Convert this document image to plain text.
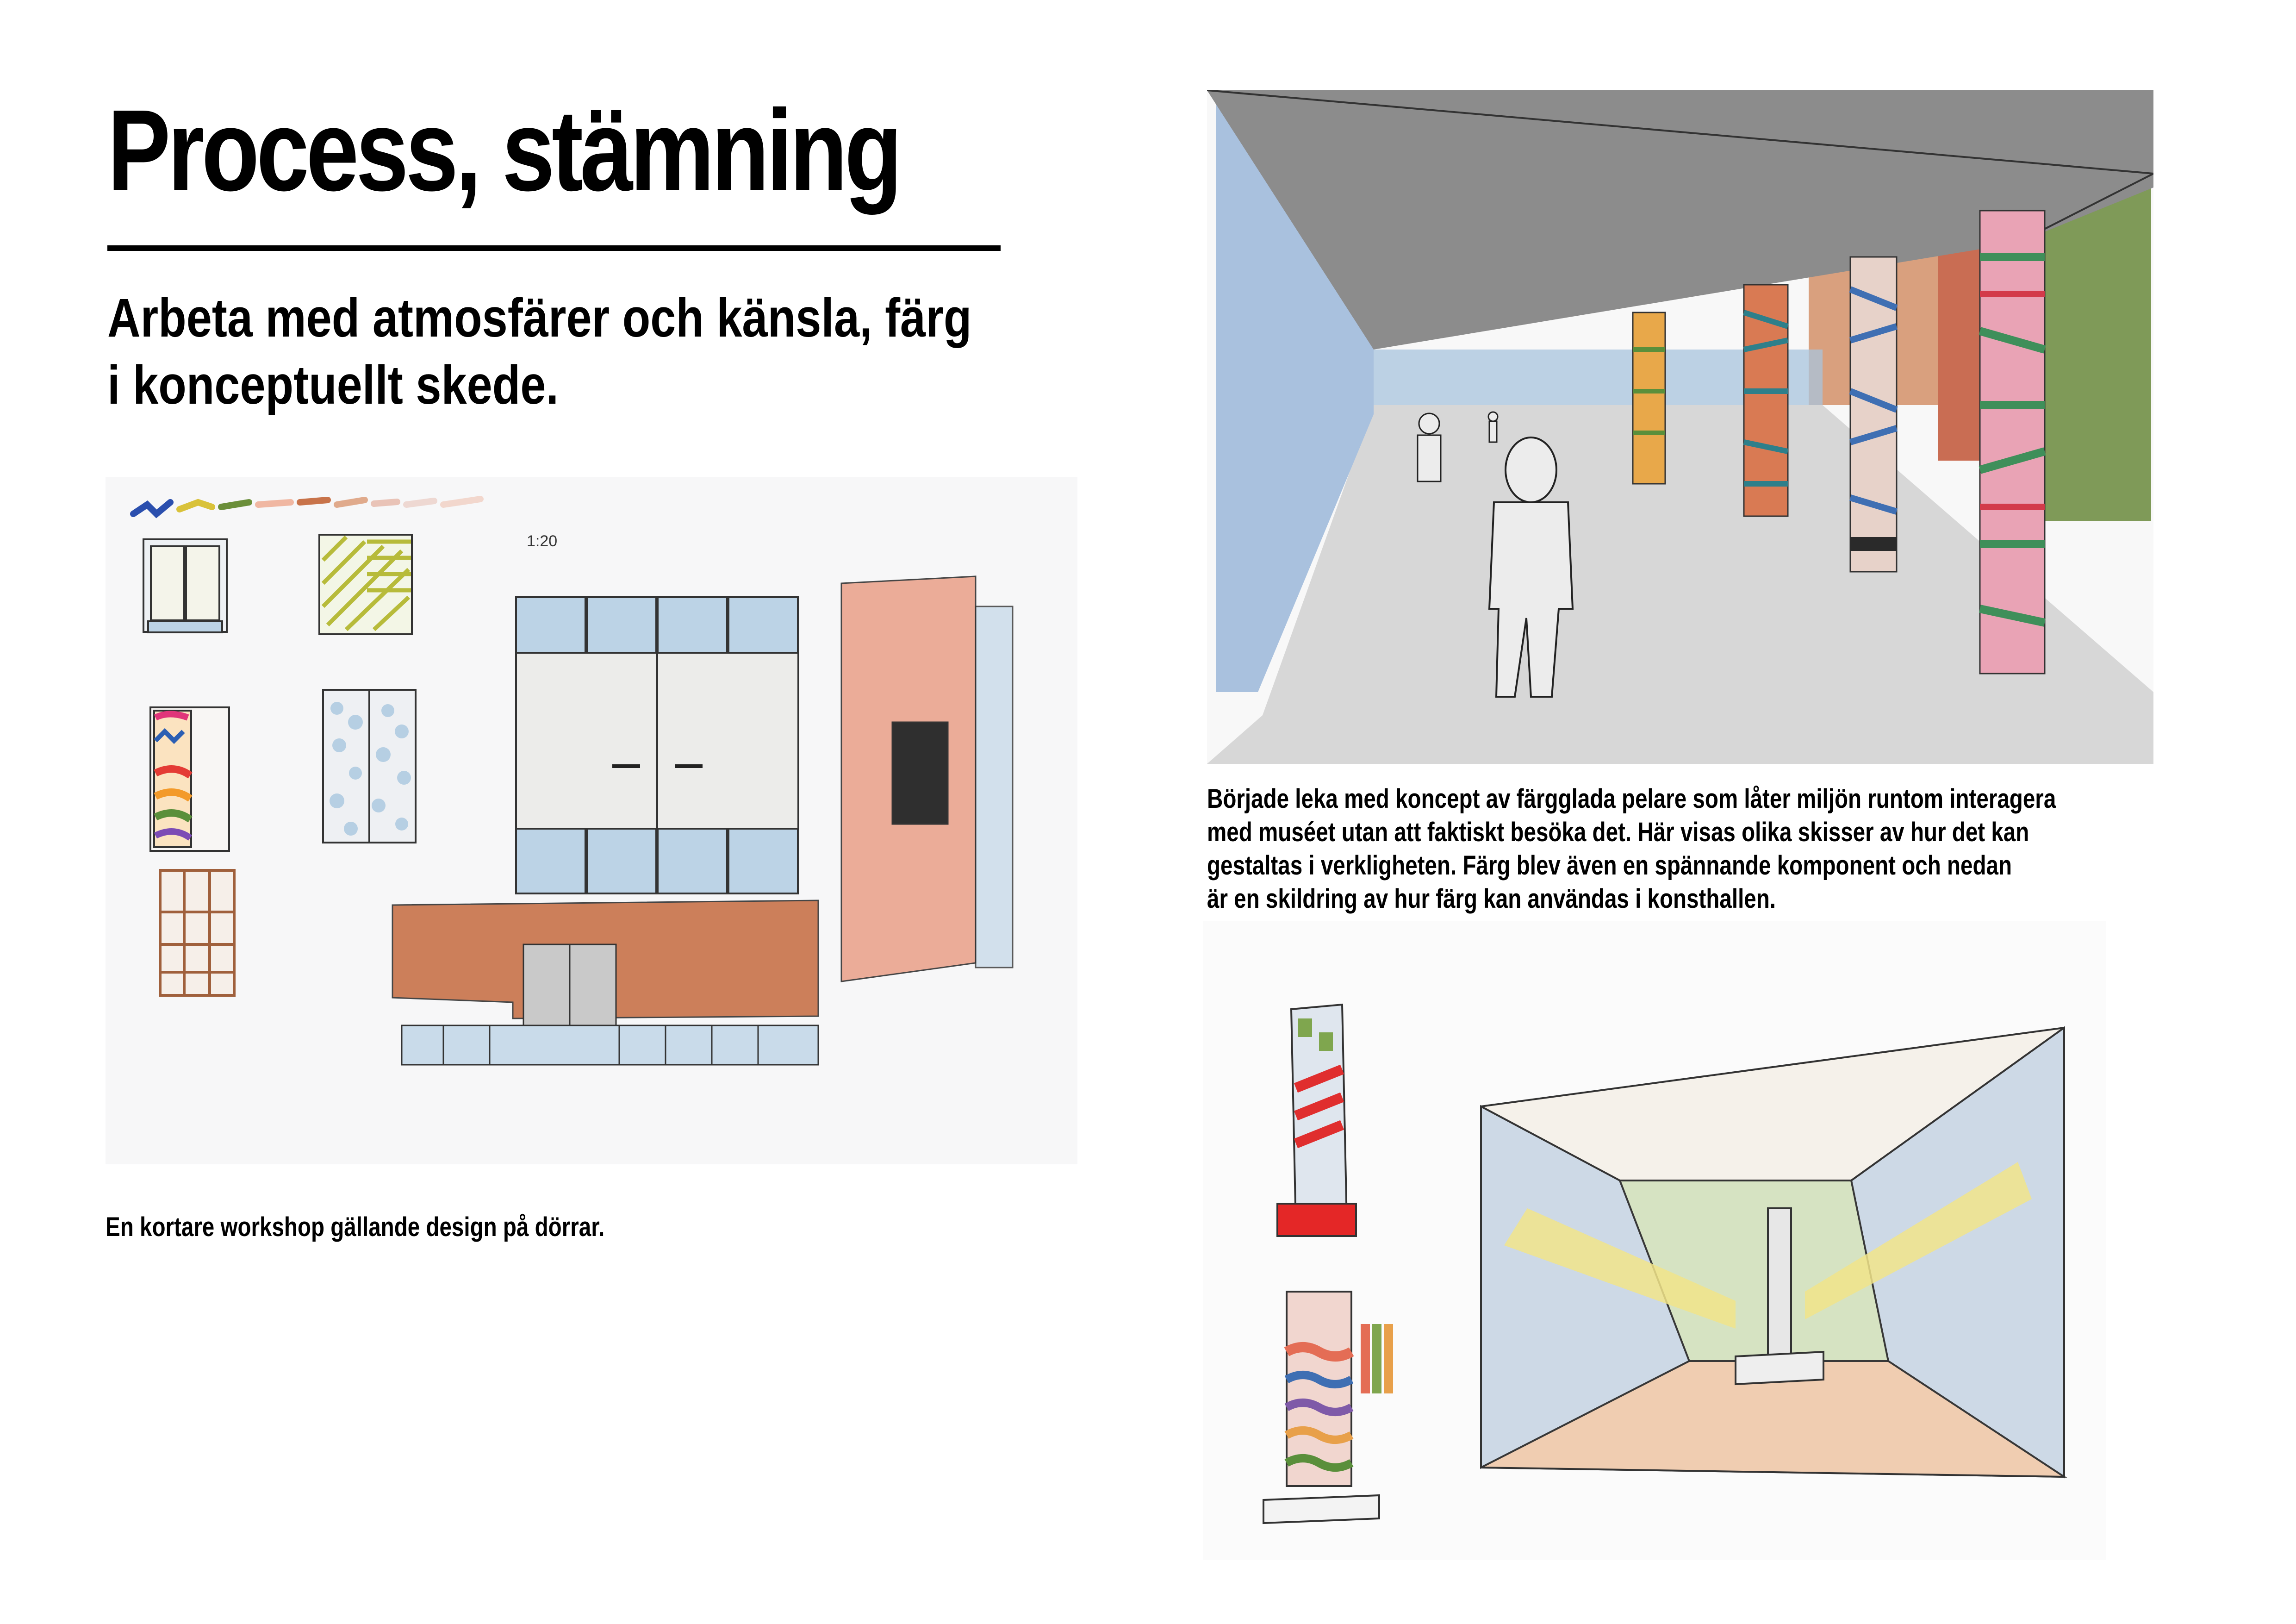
Process, stämning
Arbeta med atmosfärer och känsla, färg
i konceptuellt skede.
1:20
En kortare workshop gällande design på dörrar.
Började leka med koncept av färgglada pelare som låter miljön runtom interagera
med muséet utan att faktiskt besöka det. Här visas olika skisser av hur det kan
gestaltas i verkligheten. Färg blev även en spännande komponent och nedan
är en skildring av hur färg kan användas i konsthallen.
